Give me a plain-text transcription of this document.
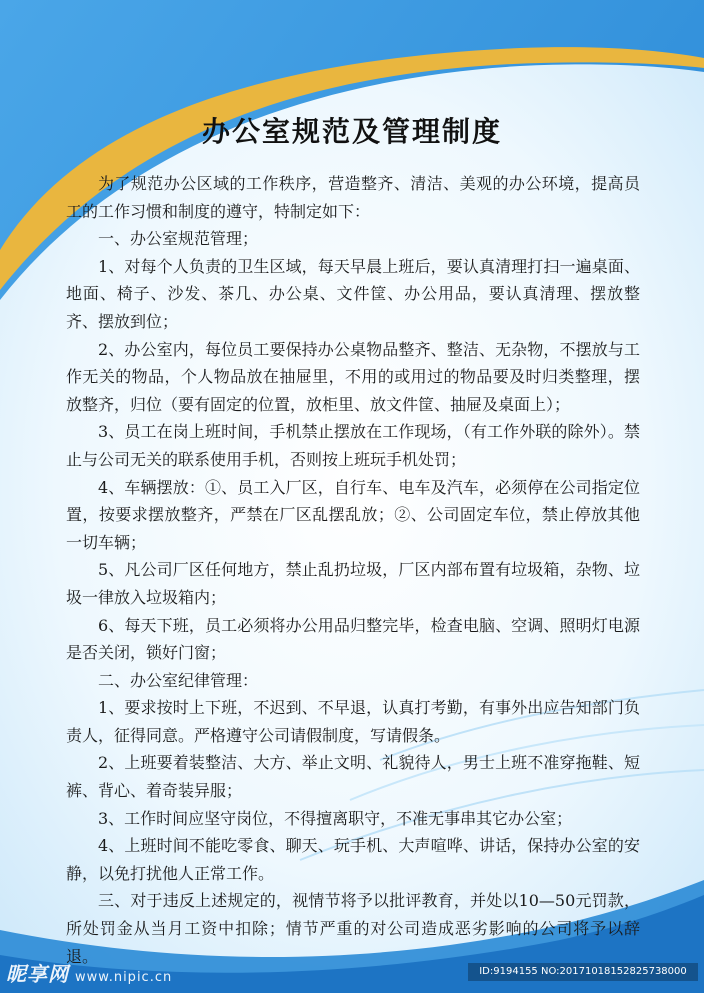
办公室规范及管理制度

为了规范办公区域的工作秩序，营造整齐、清洁、美观的办公环境，提高员工的工作习惯和制度的遵守，特制定如下：

一、办公室规范管理；

1、对每个人负责的卫生区域，每天早晨上班后，要认真清理打扫一遍桌面、地面、椅子、沙发、茶几、办公桌、文件筐、办公用品，要认真清理、摆放整齐、摆放到位；

2、办公室内，每位员工要保持办公桌物品整齐、整洁、无杂物，不摆放与工作无关的物品，个人物品放在抽屉里，不用的或用过的物品要及时归类整理，摆放整齐，归位（要有固定的位置，放柜里、放文件筐、抽屉及桌面上）；

3、员工在岗上班时间，手机禁止摆放在工作现场，（有工作外联的除外）。禁止与公司无关的联系使用手机，否则按上班玩手机处罚；

4、车辆摆放：①、员工入厂区，自行车、电车及汽车，必须停在公司指定位置，按要求摆放整齐，严禁在厂区乱摆乱放；②、公司固定车位，禁止停放其他一切车辆；

5、凡公司厂区任何地方，禁止乱扔垃圾，厂区内部布置有垃圾箱，杂物、垃圾一律放入垃圾箱内；

6、每天下班，员工必须将办公用品归整完毕，检查电脑、空调、照明灯电源是否关闭，锁好门窗；

二、办公室纪律管理：

1、要求按时上下班，不迟到、不早退，认真打考勤，有事外出应告知部门负责人，征得同意。严格遵守公司请假制度，写请假条。

2、上班要着装整洁、大方、举止文明、礼貌待人，男士上班不准穿拖鞋、短裤、背心、着奇装异服；

3、工作时间应坚守岗位，不得擅离职守，不准无事串其它办公室；

4、上班时间不能吃零食、聊天、玩手机、大声喧哗、讲话，保持办公室的安静，以免打扰他人正常工作。

三、对于违反上述规定的，视情节将予以批评教育，并处以10—50元罚款，所处罚金从当月工资中扣除；情节严重的对公司造成恶劣影响的公司将予以辞退。

昵享网 www.nipic.cn	ID:9194155 NO:20171018152825738000
